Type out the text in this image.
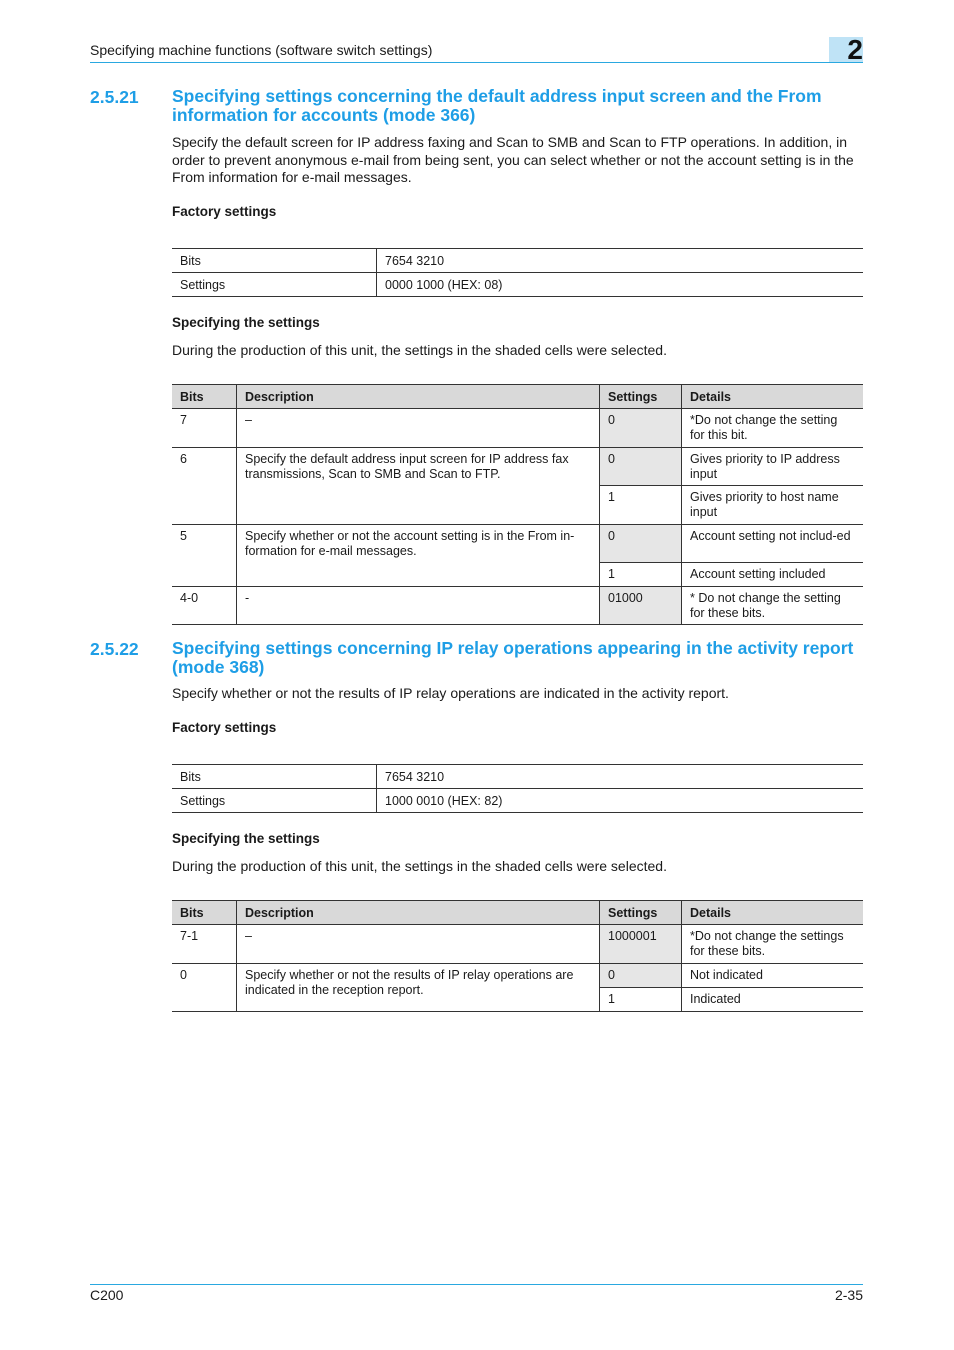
Specifying machine functions (software switch settings)	2
2.5.21 Specifying settings concerning the default address input screen and the From information for accounts (mode 366)
Specify the default screen for IP address faxing and Scan to SMB and Scan to FTP operations. In addition, in order to prevent anonymous e-mail from being sent, you can select whether or not the account setting is in the From information for e-mail messages.
Factory settings
Bits	7654 3210
Settings	0000 1000 (HEX: 08)
Specifying the settings
During the production of this unit, the settings in the shaded cells were selected.
Bits	Description	Settings	Details
7	–	0	*Do not change the setting for this bit.
6	Specify the default address input screen for IP address fax transmissions, Scan to SMB and Scan to FTP.	0	Gives priority to IP address input
		1	Gives priority to host name input
5	Specify whether or not the account setting is in the From in-formation for e-mail messages.	0	Account setting not includ-ed
		1	Account setting included
4-0	-	01000	* Do not change the setting for these bits.
2.5.22 Specifying settings concerning IP relay operations appearing in the activity report (mode 368)
Specify whether or not the results of IP relay operations are indicated in the activity report.
Factory settings
Bits	7654 3210
Settings	1000 0010 (HEX: 82)
Specifying the settings
During the production of this unit, the settings in the shaded cells were selected.
Bits	Description	Settings	Details
7-1	–	1000001	*Do not change the settings for these bits.
0	Specify whether or not the results of IP relay operations are indicated in the reception report.	0	Not indicated
		1	Indicated
C200	2-35
